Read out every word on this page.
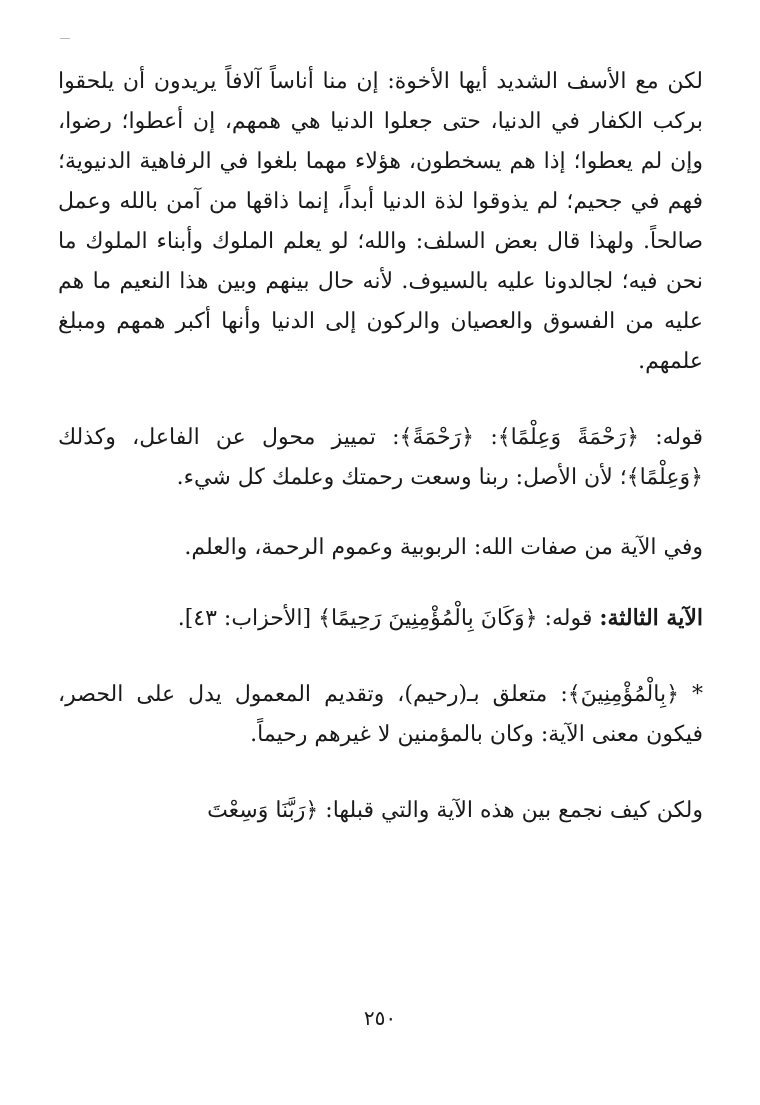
لكن مع الأسف الشديد أيها الأخوة: إن منا أناساً آلافاً يريدون أن يلحقوا بركب الكفار في الدنيا، حتى جعلوا الدنيا هي همهم، إن أعطوا؛ رضوا، وإن لم يعطوا؛ إذا هم يسخطون، هؤلاء مهما بلغوا في الرفاهية الدنيوية؛ فهم في جحيم؛ لم يذوقوا لذة الدنيا أبداً، إنما ذاقها من آمن بالله وعمل صالحاً. ولهذا قال بعض السلف: والله؛ لو يعلم الملوك وأبناء الملوك ما نحن فيه؛ لجالدونا عليه بالسيوف. لأنه حال بينهم وبين هذا النعيم ما هم عليه من الفسوق والعصيان والركون إلى الدنيا وأنها أكبر همهم ومبلغ علمهم.

قوله: ﴿رَحْمَةً وَعِلْمًا﴾: ﴿رَحْمَةً﴾: تمييز محول عن الفاعل، وكذلك ﴿وَعِلْمًا﴾؛ لأن الأصل: ربنا وسعت رحمتك وعلمك كل شيء.

وفي الآية من صفات الله: الربوبية وعموم الرحمة، والعلم.

الآية الثالثة: قوله: ﴿وَكَانَ بِالْمُؤْمِنِينَ رَحِيمًا﴾ [الأحزاب: ٤٣].

* ﴿بِالْمُؤْمِنِينَ﴾: متعلق بـ(رحيم)، وتقديم المعمول يدل على الحصر، فيكون معنى الآية: وكان بالمؤمنين لا غيرهم رحيماً.

ولكن كيف نجمع بين هذه الآية والتي قبلها: ﴿رَبَّنَا وَسِعْتَ

٢٥٠
